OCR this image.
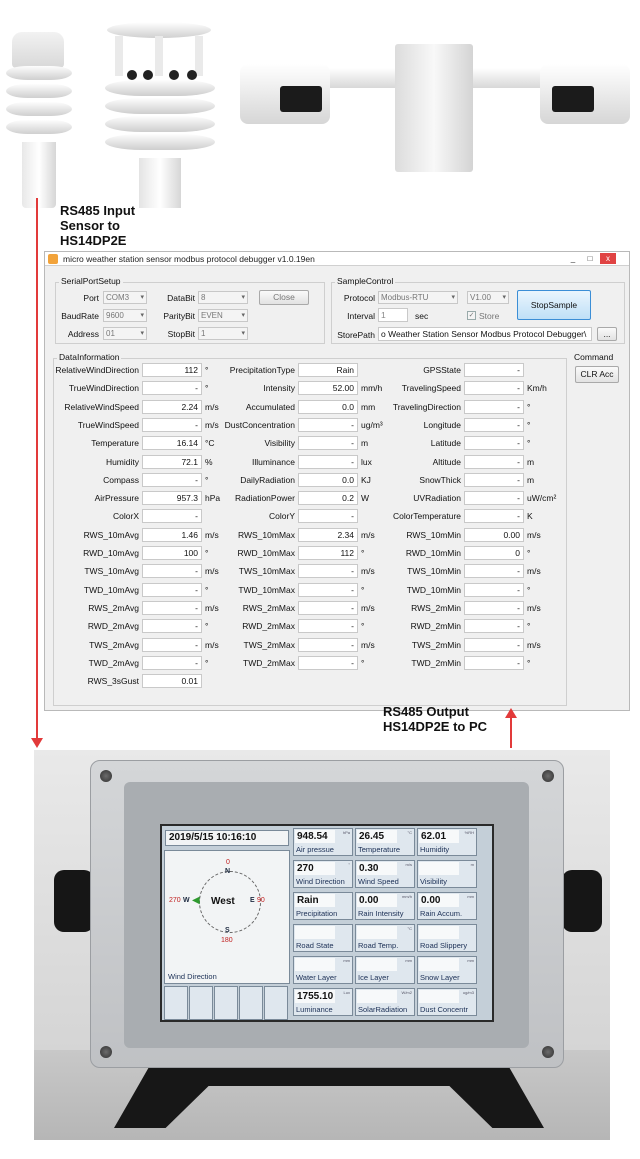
RS485 Input
Sensor to
HS14DP2E
micro weather station sensor modbus protocol debugger v1.0.19en	_	□	x
SerialPortSetup
Port COM3 ▾	DataBit 8 ▾	Close
BaudRate 9600 ▾	ParityBit EVEN ▾
Address 01 ▾	StopBit 1 ▾
SampleControl
Protocol Modbus-RTU ▾	V1.00 ▾
StopSample
Interval 1	sec	✓ Store
StorePath o Weather Station Sensor Modbus Protocol Debugger\	...
Command
CLR Acc
DataInformation
RelativeWindDirection	112 °	PrecipitationType	Rain	GPSState	-
TrueWindDirection	- °	Intensity	52.00 mm/h	TravelingSpeed	- Km/h
RelativeWindSpeed	2.24 m/s	Accumulated	0.0 mm	TravelingDirection	- °
TrueWindSpeed	- m/s DustConcentration	- ug/m³	Longitude	- °
Temperature	16.14 °C	Visibility	- m	Latitude	- °
Humidity	72.1 %	Illuminance	- lux	Altitude	- m
Compass	- °	DailyRadiation	0.0 KJ	SnowThick	- m
AirPressure	957.3 hPa	RadiationPower	0.2 W	UVRadiation	- uW/cm²
ColorX	-	ColorY	-	ColorTemperature	- K
RWS_10mAvg	1.46 m/s	RWS_10mMax	2.34 m/s	RWS_10mMin	0.00 m/s
RWD_10mAvg	100 °	RWD_10mMax	112 °	RWD_10mMin	0 °
TWS_10mAvg	- m/s	TWS_10mMax	- m/s	TWS_10mMin	- m/s
TWD_10mAvg	- °	TWD_10mMax	- °	TWD_10mMin	- °
RWS_2mAvg	- m/s	RWS_2mMax	- m/s	RWS_2mMin	- m/s
RWD_2mAvg	- °	RWD_2mMax	- °	RWD_2mMin	- °
TWS_2mAvg	- m/s	TWS_2mMax	- m/s	TWS_2mMin	- m/s
TWD_2mAvg	- °	TWD_2mMax	- °	TWD_2mMin	- °
RWS_3sGust	0.01
RS485 Output
HS14DP2E to PC
2019/5/15 10:16:10
0
N
E 90
S
180
270 W ◀ West
Wind Direction
948.54	hPa
Air pressue
26.45	°C
Temperature
62.01	%RH
Humidity
270	°
Wind Direction
0.30	m/s
Wind Speed
m
Visibility
Rain
Precipitation
0.00	mm/h
Rain Intensity
0.00	mm
Rain Accum.
Road State
°C
Road Temp.	Road Slippery
mm
Water Layer
mm
Ice Layer
mm
Snow Layer
1755.10	Lux
Luminance
W/m2
SolarRadiation
ug/m3
Dust Concentr
